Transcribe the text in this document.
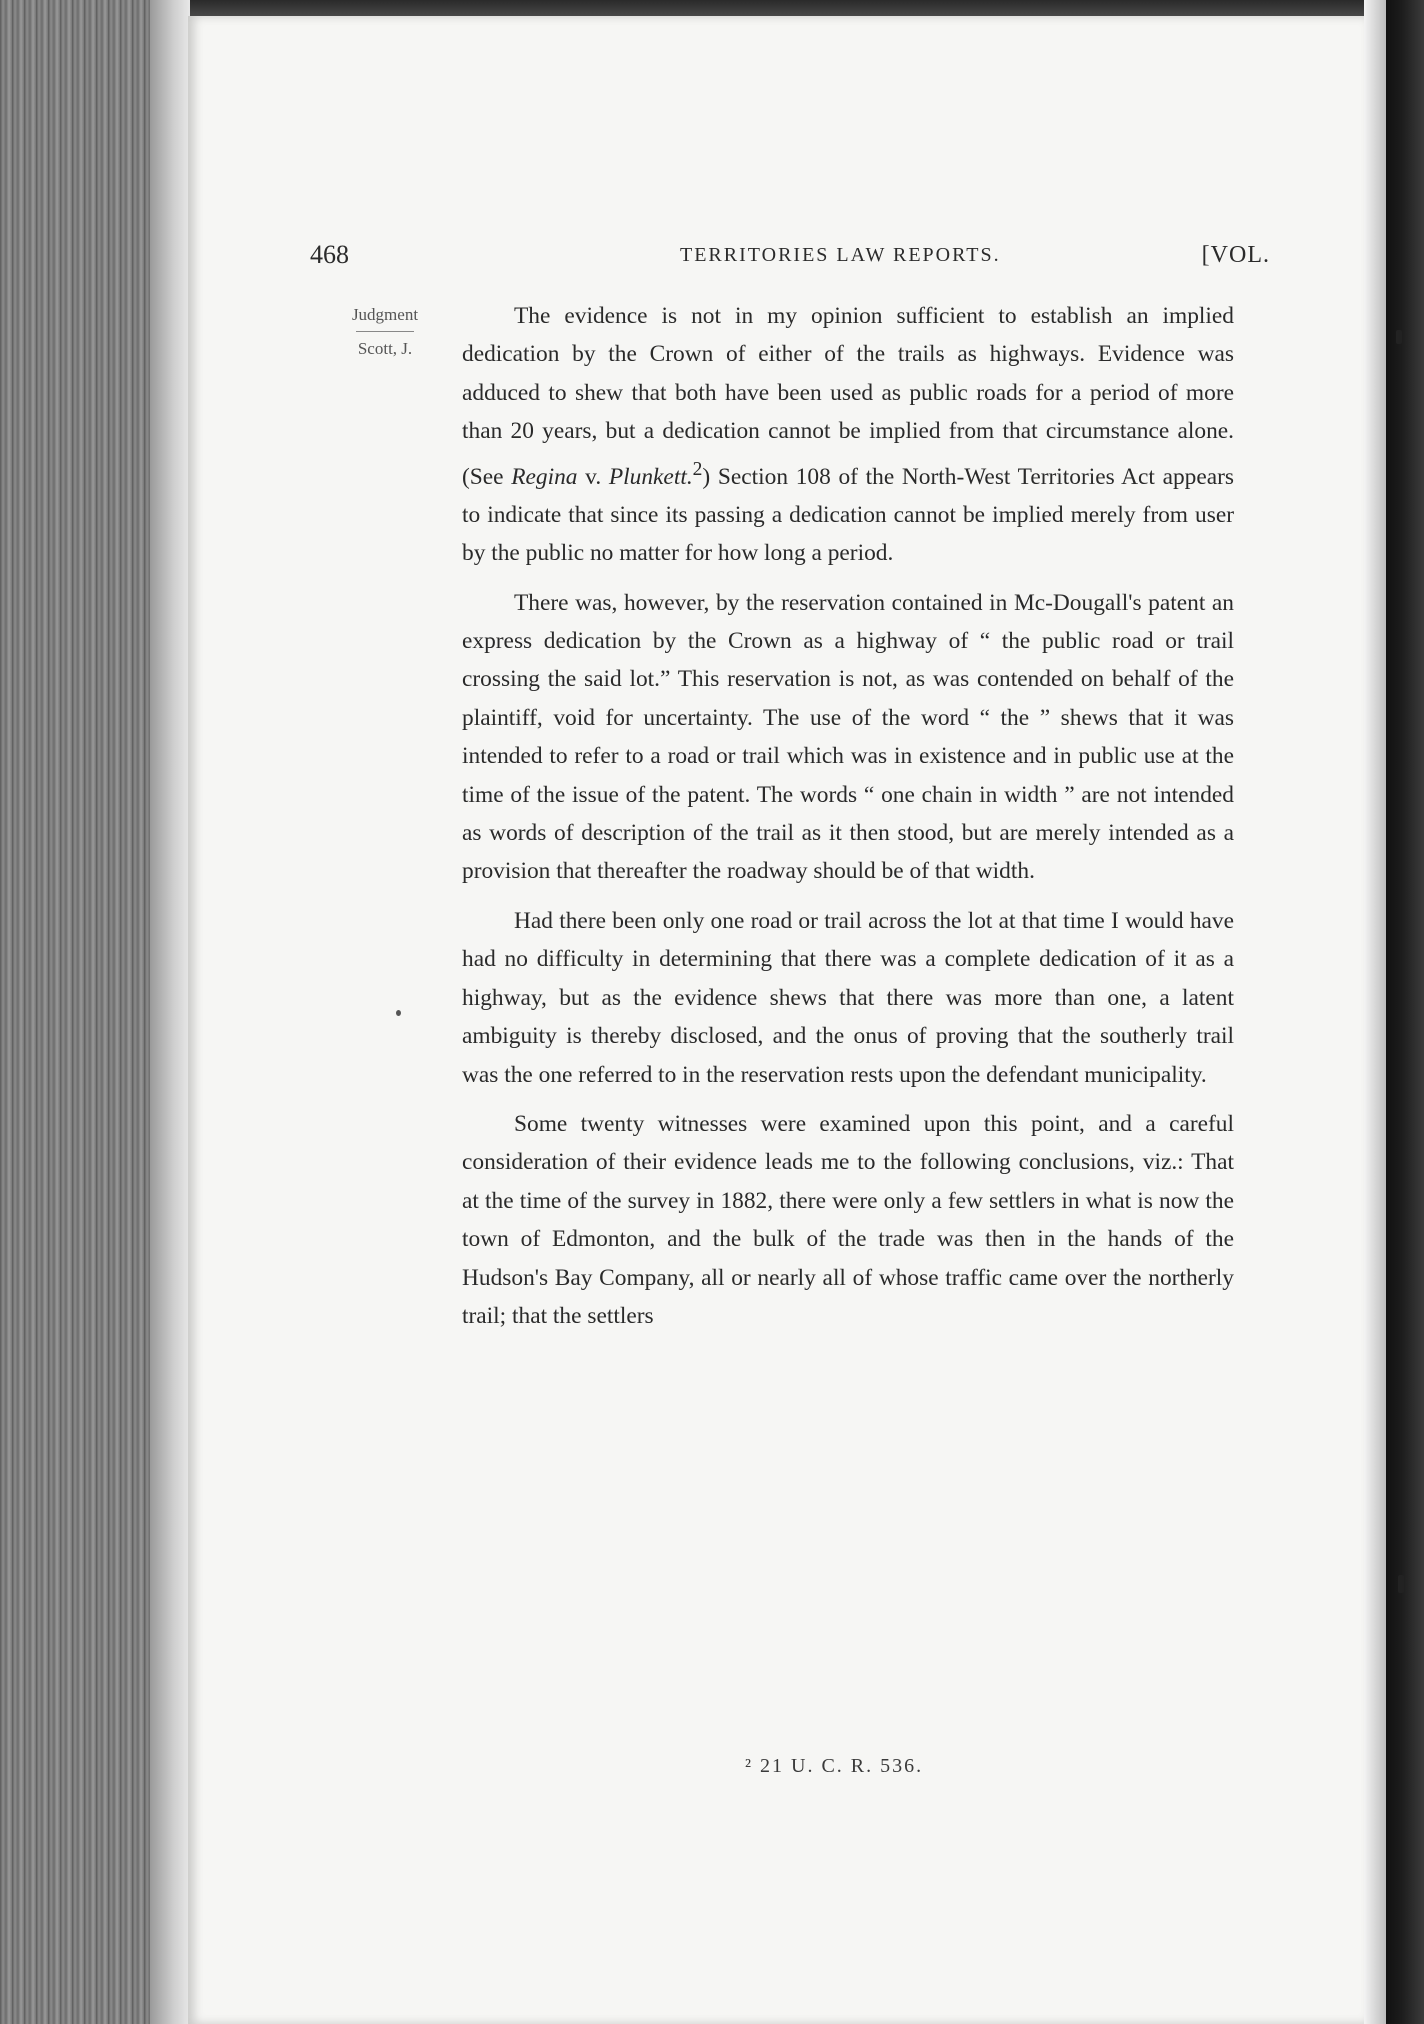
468	TERRITORIES LAW REPORTS.	[VOL.
Judgment
Scott, J.

The evidence is not in my opinion sufficient to establish an implied dedication by the Crown of either of the trails as highways. Evidence was adduced to shew that both have been used as public roads for a period of more than 20 years, but a dedication cannot be implied from that circumstance alone. (See Regina v. Plunkett.$^2$) Section 108 of the North-West Territories Act appears to indicate that since its passing a dedication cannot be implied merely from user by the public no matter for how long a period.

There was, however, by the reservation contained in Mc-Dougall's patent an express dedication by the Crown as a highway of “ the public road or trail crossing the said lot.” This reservation is not, as was contended on behalf of the plaintiff, void for uncertainty. The use of the word “ the ” shews that it was intended to refer to a road or trail which was in existence and in public use at the time of the issue of the patent. The words “ one chain in width ” are not intended as words of description of the trail as it then stood, but are merely intended as a provision that thereafter the roadway should be of that width.

Had there been only one road or trail across the lot at that time I would have had no difficulty in determining that there was a complete dedication of it as a highway, but as the evidence shews that there was more than one, a latent ambiguity is thereby disclosed, and the onus of proving that the southerly trail was the one referred to in the reservation rests upon the defendant municipality.

Some twenty witnesses were examined upon this point, and a careful consideration of their evidence leads me to the following conclusions, viz.: That at the time of the survey in 1882, there were only a few settlers in what is now the town of Edmonton, and the bulk of the trade was then in the hands of the Hudson's Bay Company, all or nearly all of whose traffic came over the northerly trail; that the settlers

² 21 U. C. R. 536.
